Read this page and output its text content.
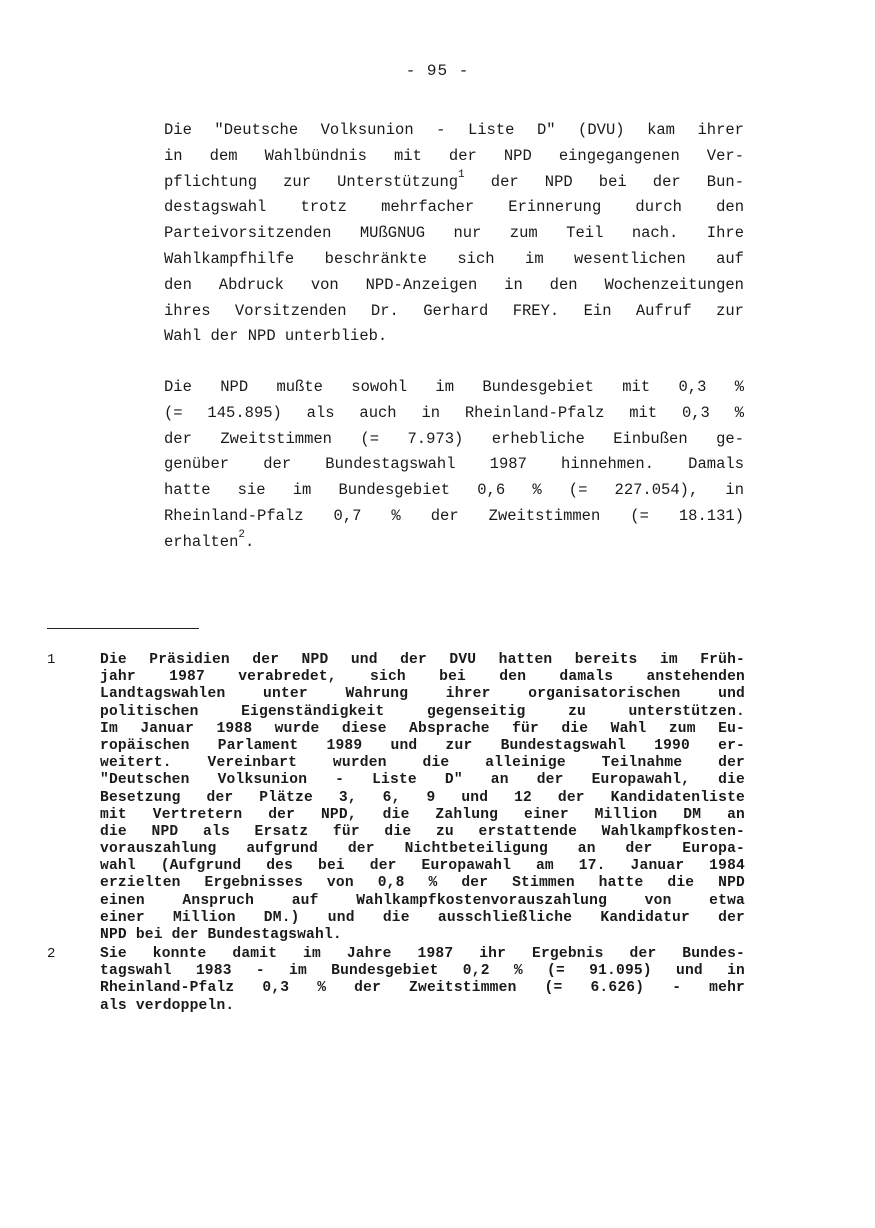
- 95 -
Die "Deutsche Volksunion - Liste D" (DVU) kam ihrer
in dem Wahlbündnis mit der NPD eingegangenen Ver-
pflichtung zur Unterstützung$^1$ der NPD bei der Bun-
destagswahl trotz mehrfacher Erinnerung durch den
Parteivorsitzenden MUßGNUG nur zum Teil nach. Ihre
Wahlkampfhilfe beschränkte sich im wesentlichen auf
den Abdruck von NPD-Anzeigen in den Wochenzeitungen
ihres Vorsitzenden Dr. Gerhard FREY. Ein Aufruf zur
Wahl der NPD unterblieb.
Die NPD mußte sowohl im Bundesgebiet mit 0,3 %
(= 145.895) als auch in Rheinland-Pfalz mit 0,3 %
der Zweitstimmen (= 7.973) erhebliche Einbußen ge-
genüber der Bundestagswahl 1987 hinnehmen. Damals
hatte sie im Bundesgebiet 0,6 % (= 227.054), in
Rheinland-Pfalz 0,7 % der Zweitstimmen (= 18.131)
erhalten$^2$.
1	Die Präsidien der NPD und der DVU hatten bereits im Früh-
jahr 1987 verabredet, sich bei den damals anstehenden
Landtagswahlen unter Wahrung ihrer organisatorischen und
politischen Eigenständigkeit gegenseitig zu unterstützen.
Im Januar 1988 wurde diese Absprache für die Wahl zum Eu-
ropäischen Parlament 1989 und zur Bundestagswahl 1990 er-
weitert. Vereinbart wurden die alleinige Teilnahme der
"Deutschen Volksunion - Liste D" an der Europawahl, die
Besetzung der Plätze 3, 6, 9 und 12 der Kandidatenliste
mit Vertretern der NPD, die Zahlung einer Million DM an
die NPD als Ersatz für die zu erstattende Wahlkampfkosten-
vorauszahlung aufgrund der Nichtbeteiligung an der Europa-
wahl (Aufgrund des bei der Europawahl am 17. Januar 1984
erzielten Ergebnisses von 0,8 % der Stimmen hatte die NPD
einen Anspruch auf Wahlkampfkostenvorauszahlung von etwa
einer Million DM.) und die ausschließliche Kandidatur der
NPD bei der Bundestagswahl.
2	Sie konnte damit im Jahre 1987 ihr Ergebnis der Bundes-
tagswahl 1983 - im Bundesgebiet 0,2 % (= 91.095) und in
Rheinland-Pfalz 0,3 % der Zweitstimmen (= 6.626) - mehr
als verdoppeln.
